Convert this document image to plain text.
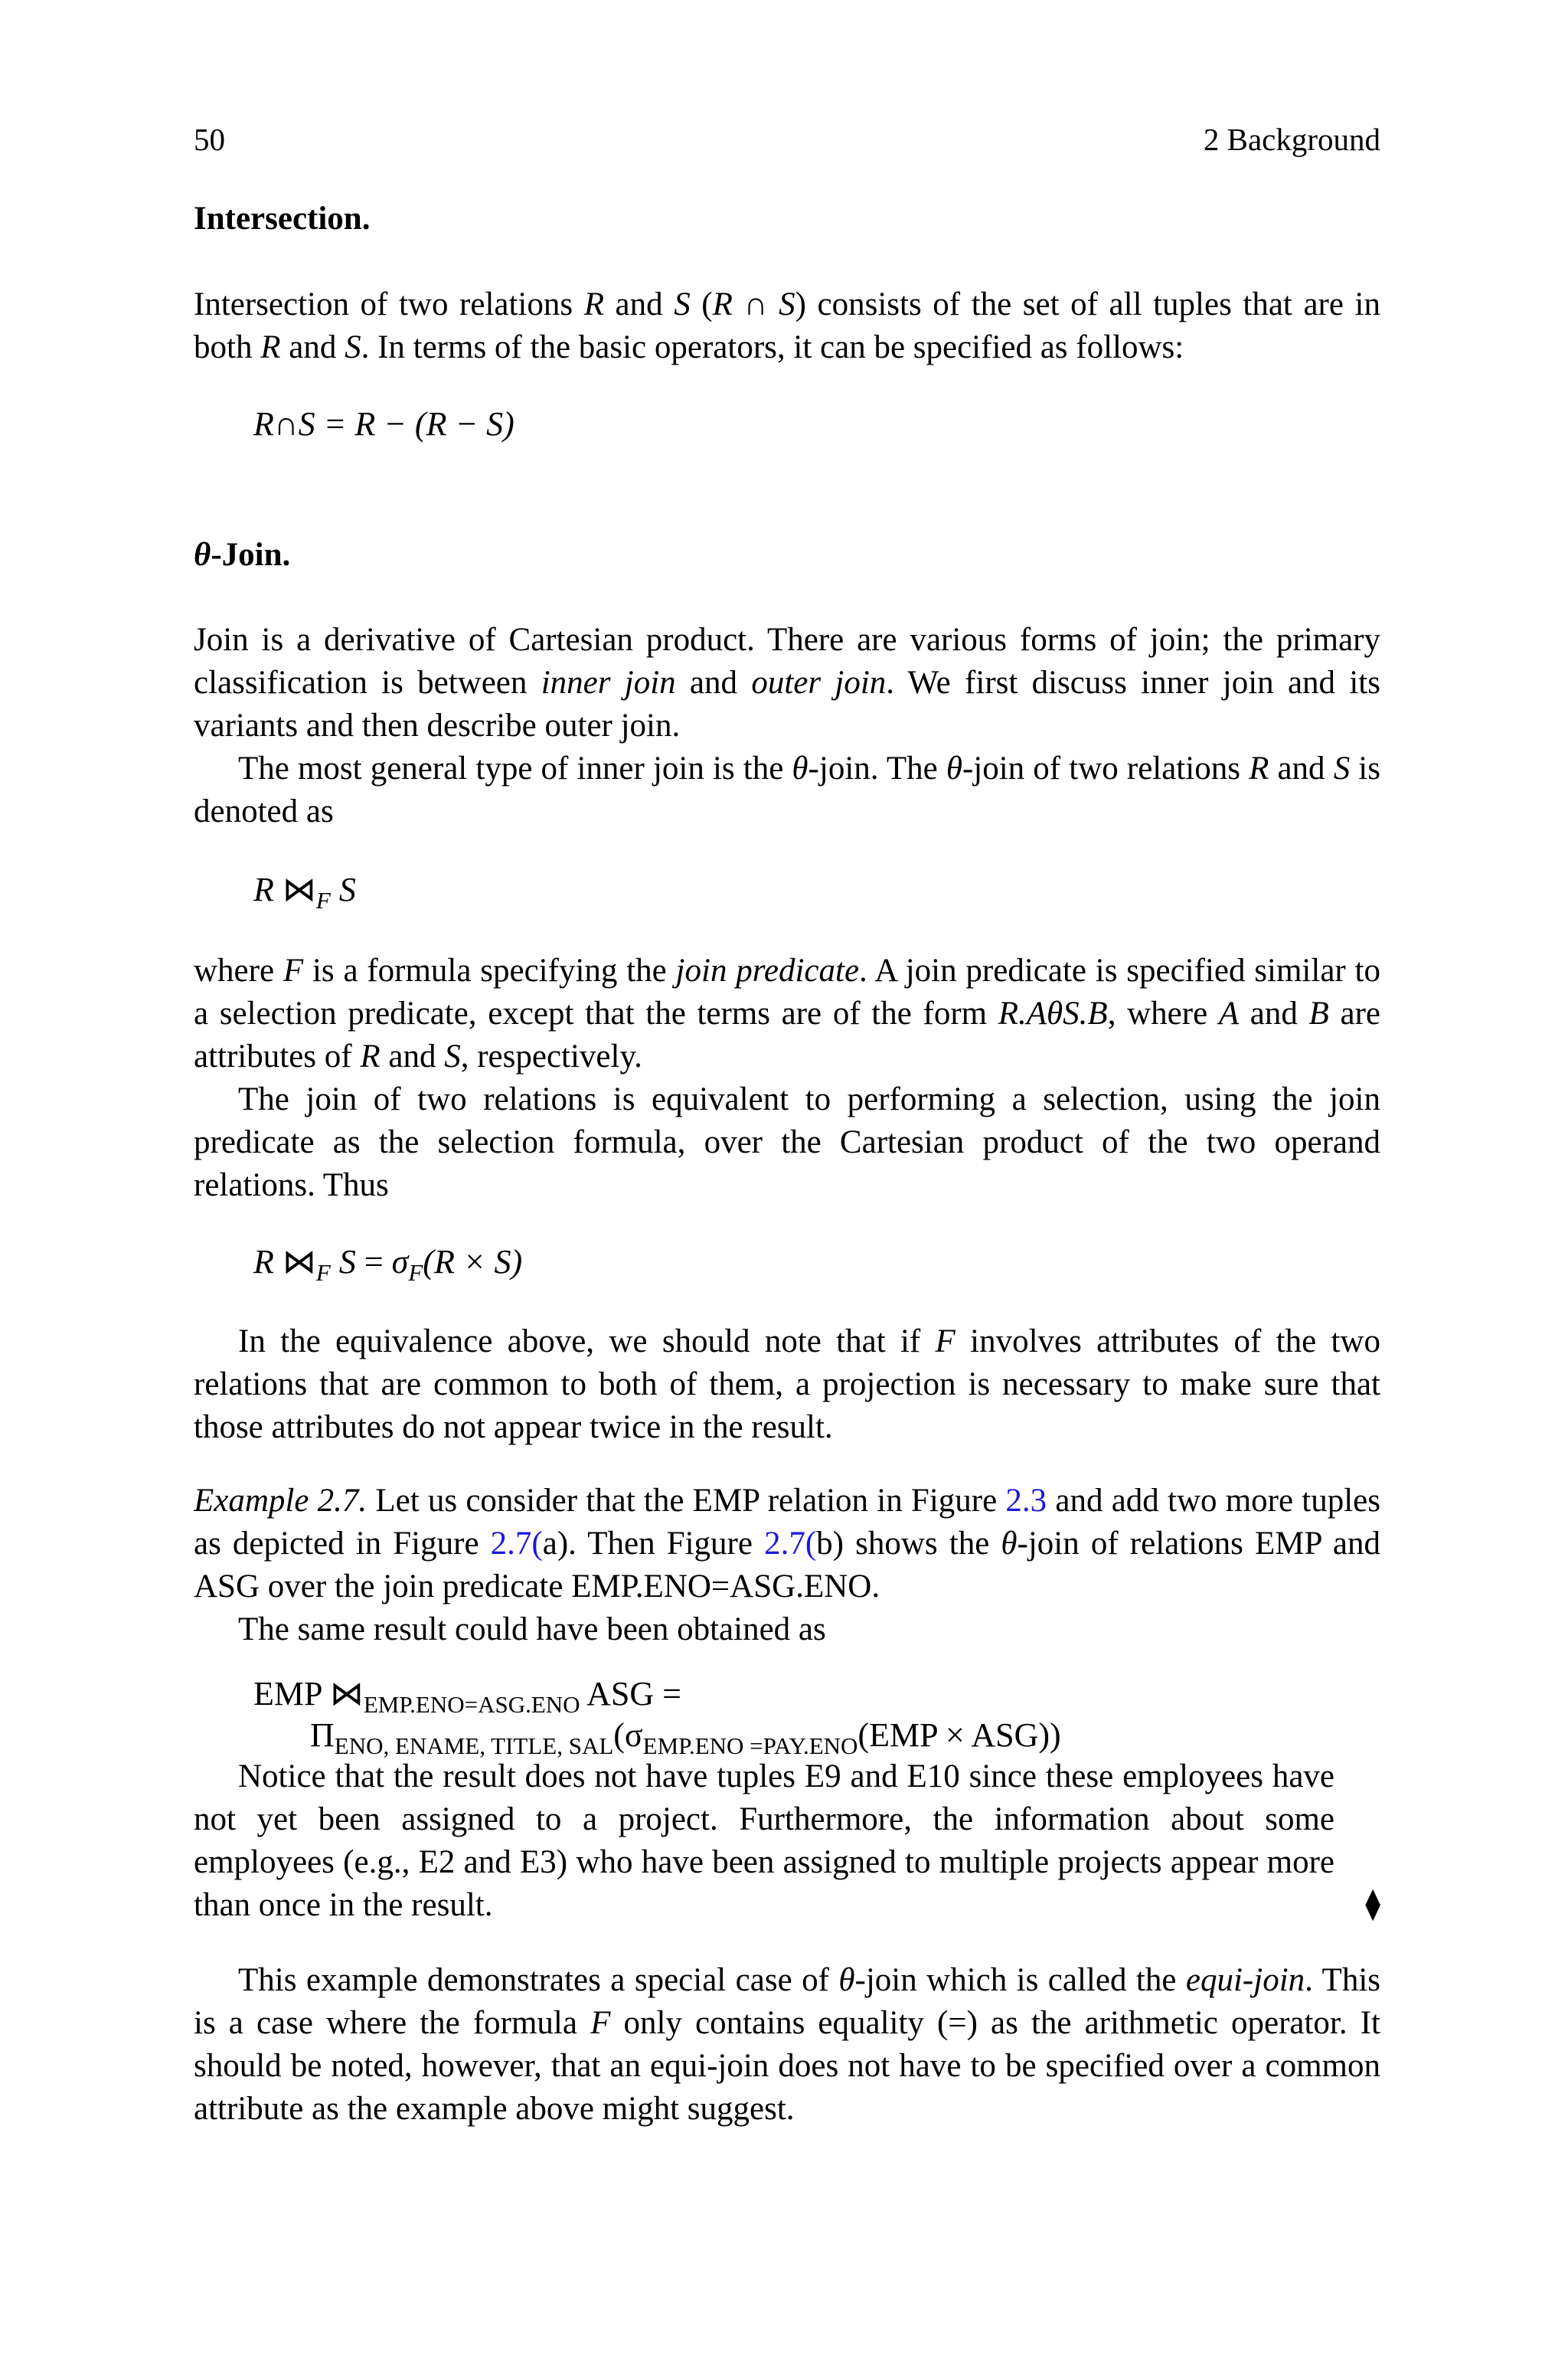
50	2 Background
Intersection.
Intersection of two relations R and S (R ∩ S) consists of the set of all tuples that are in both R and S. In terms of the basic operators, it can be specified as follows:
R∩S = R − (R − S)
θ-Join.
Join is a derivative of Cartesian product. There are various forms of join; the primary classification is between inner join and outer join. We first discuss inner join and its variants and then describe outer join.
The most general type of inner join is the θ-join. The θ-join of two relations R and S is denoted as
R $⋈_F$ S
where F is a formula specifying the join predicate. A join predicate is specified similar to a selection predicate, except that the terms are of the form R.AθS.B, where A and B are attributes of R and S, respectively.
The join of two relations is equivalent to performing a selection, using the join predicate as the selection formula, over the Cartesian product of the two operand relations. Thus
R $⋈_F$ $S = \sigma_F(R \times S)$
In the equivalence above, we should note that if F involves attributes of the two relations that are common to both of them, a projection is necessary to make sure that those attributes do not appear twice in the result.
Example 2.7. Let us consider that the EMP relation in Figure 2.3 and add two more tuples as depicted in Figure 2.7(a). Then Figure 2.7(b) shows the θ-join of relations EMP and ASG over the join predicate EMP.ENO=ASG.ENO.
The same result could have been obtained as
EMP $⋈_{EMP.ENO=ASG.ENO}$ ASG =
$\Pi_{ENO, ENAME, TITLE, SAL}(\sigma_{EMP.ENO =PAY.ENO}(EMP \times ASG))$
Notice that the result does not have tuples E9 and E10 since these employees have not yet been assigned to a project. Furthermore, the information about some employees (e.g., E2 and E3) who have been assigned to multiple projects appear more than once in the result.	⧫
This example demonstrates a special case of θ-join which is called the equi-join. This is a case where the formula F only contains equality (=) as the arithmetic operator. It should be noted, however, that an equi-join does not have to be specified over a common attribute as the example above might suggest.
